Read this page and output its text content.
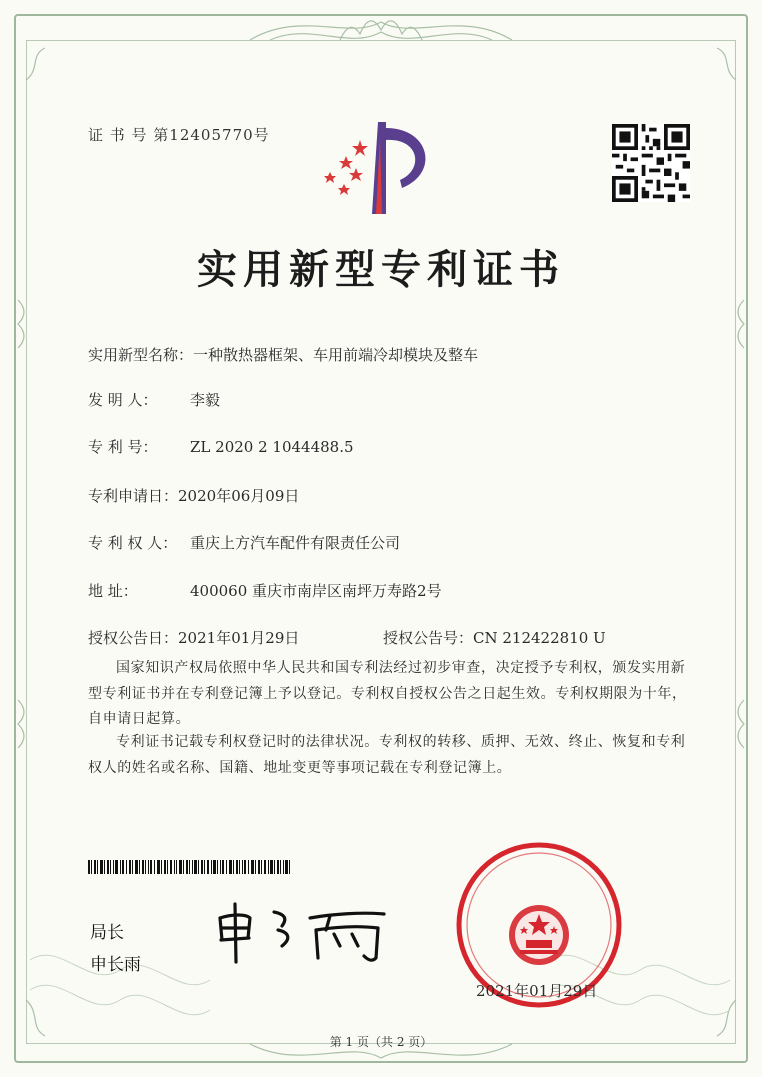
证 书 号 第12405770号
实用新型专利证书
实用新型名称：一种散热器框架、车用前端冷却模块及整车
发 明 人： 李毅
专 利 号： ZL 2020 2 1044488.5
专利申请日：2020年06月09日
专 利 权 人： 重庆上方汽车配件有限责任公司
地 址：	400060 重庆市南岸区南坪万寿路2号
授权公告日：2021年01月29日	授权公告号：CN 212422810 U
国家知识产权局依照中华人民共和国专利法经过初步审查，决定授予专利权，颁发实用新型专利证书并在专利登记簿上予以登记。专利权自授权公告之日起生效。专利权期限为十年，自申请日起算。
专利证书记载专利权登记时的法律状况。专利权的转移、质押、无效、终止、恢复和专利权人的姓名或名称、国籍、地址变更等事项记载在专利登记簿上。
局长
申长雨
2021年01月29日
第 1 页（共 2 页）
